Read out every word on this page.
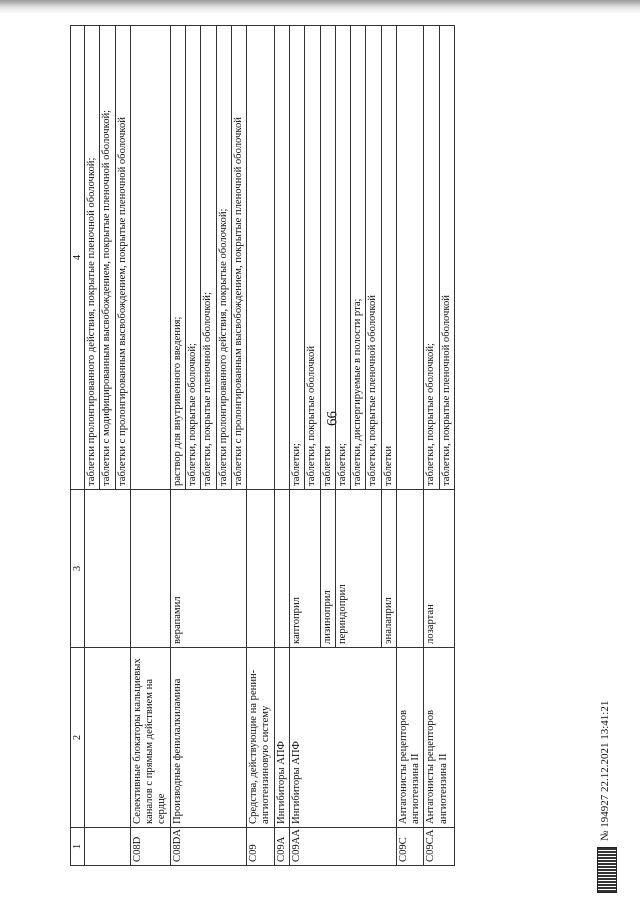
66
1	2	3	4
			таблетки пролонгированного действия, покрытые пленочной оболочкой;
			таблетки с модифицированным высвобождением, покрытые пленочной оболочкой;
			таблетки с пролонгированным высвобождением, покрытые пленочной оболочкой
C08D	Селективные блокаторы кальциевых каналов с прямым действием на сердце		
C08DA	Производные фенилалкиламина	верапамил	раствор для внутривенного введения;
			таблетки, покрытые оболочкой;
			таблетки, покрытые пленочной оболочкой;
			таблетки пролонгированного действия, покрытые оболочкой;
			таблетки с пролонгированным высвобождением, покрытые пленочной оболочкой
C09	Средства, действующие на ренин-ангиотензиновую систему		
C09A	Ингибиторы АПФ		
C09AA	Ингибиторы АПФ	каптоприл	таблетки;
			таблетки, покрытые оболочкой
		лизиноприл	таблетки
		периндоприл	таблетки;
			таблетки, диспергируемые в полости рта;
			таблетки, покрытые пленочной оболочкой
		эналаприл	таблетки
C09C	Антагонисты рецепторов ангиотензина II		
C09CA	Антагонисты рецепторов ангиотензина II	лозартан	таблетки, покрытые оболочкой;
			таблетки, покрытые пленочной оболочкой
№ 194927 22.12.2021 13:41:21
